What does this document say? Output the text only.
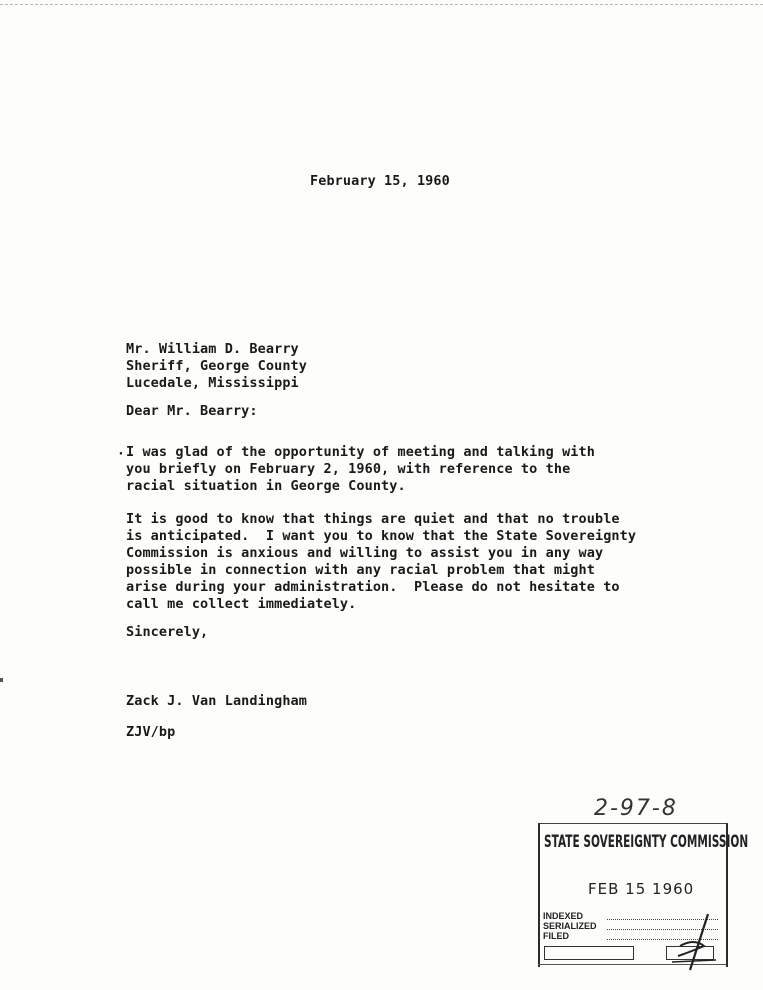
February 15, 1960
Mr. William D. Bearry
Sheriff, George County
Lucedale, Mississippi
Dear Mr. Bearry:
· I was glad of the opportunity of meeting and talking with
you briefly on February 2, 1960, with reference to the
racial situation in George County.
It is good to know that things are quiet and that no trouble
is anticipated.  I want you to know that the State Sovereignty
Commission is anxious and willing to assist you in any way
possible in connection with any racial problem that might
arise during your administration.  Please do not hesitate to
call me collect immediately.
Sincerely,
Zack J. Van Landingham
ZJV/bp
2-97-8
STATE SOVEREIGNTY COMMISSION
FEB 15 1960
INDEXED
SERIALIZED
FILED
